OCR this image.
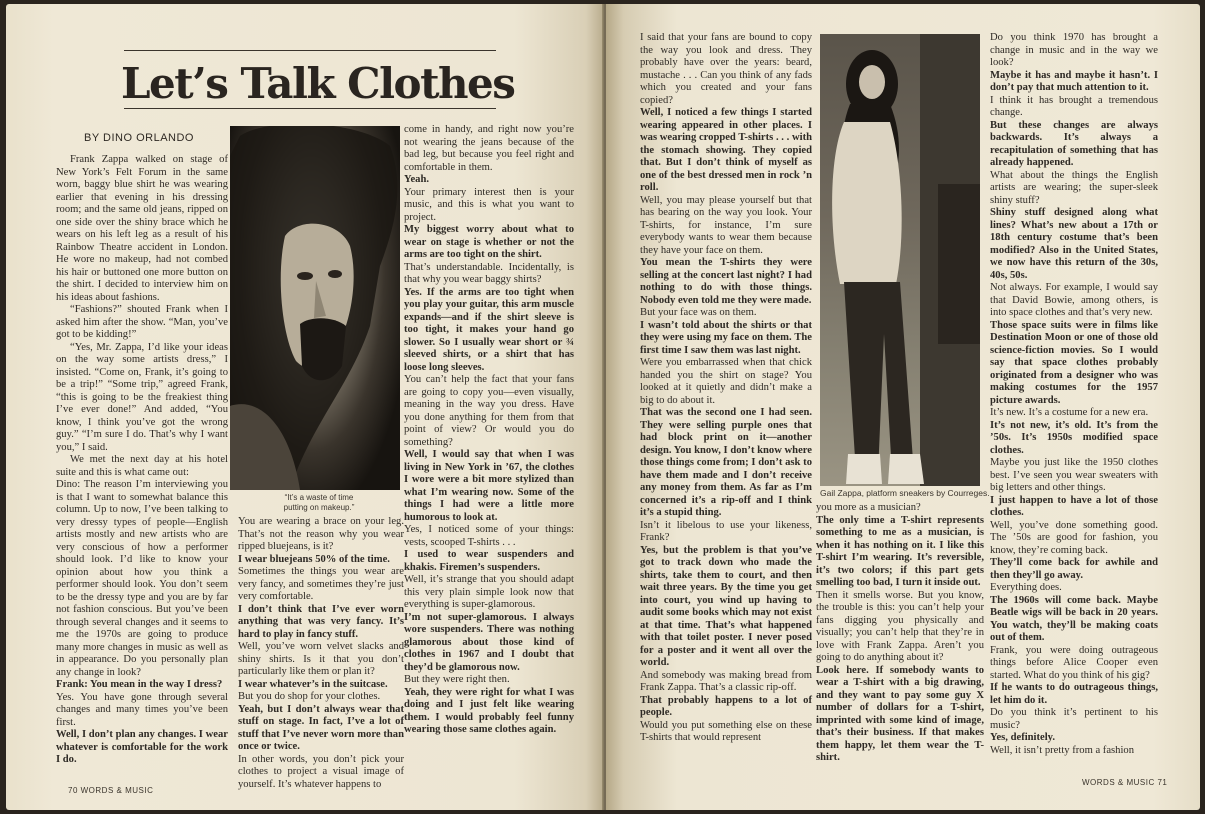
Let’s Talk Clothes
BY DINO ORLANDO

Frank Zappa walked on stage of New York’s Felt Forum in the same worn, baggy blue shirt he was wearing earlier that evening in his dressing room; and the same old jeans, ripped on one side over the shiny brace which he wears on his left leg as a result of his Rainbow Theatre accident in London. He wore no makeup, had not combed his hair or buttoned one more button on the shirt. I decided to interview him on his ideas about fashions.

“Fashions?” shouted Frank when I asked him after the show. “Man, you’ve got to be kidding!”

“Yes, Mr. Zappa, I’d like your ideas on the way some artists dress,” I insisted. “Come on, Frank, it’s going to be a trip!” “Some trip,” agreed Frank, “this is going to be the freakiest thing I’ve ever done!” And added, “You know, I think you’ve got the wrong guy.” “I’m sure I do. That’s why I want you,” I said.

We met the next day at his hotel suite and this is what came out:

Dino: The reason I’m interviewing you is that I want to somewhat balance this column. Up to now, I’ve been talking to very dressy types of people—English artists mostly and new artists who are very conscious of how a performer should look. I’d like to know your opinion about how you think a performer should look. You don’t seem to be the dressy type and you are by far not fashion conscious. But you’ve been through several changes and it seems to me the 1970s are going to produce many more changes in music as well as in appearance. Do you personally plan any change in look?

Frank: You mean in the way I dress?

Yes. You have gone through several changes and many times you’ve been first.

Well, I don’t plan any changes. I wear whatever is comfortable for the work I do.

“It’s a waste of time putting on makeup.”

You are wearing a brace on your leg. That’s not the reason why you wear ripped bluejeans, is it?

I wear bluejeans 50% of the time.

Sometimes the things you wear are very fancy, and sometimes they’re just very comfortable.

I don’t think that I’ve ever worn anything that was very fancy. It’s hard to play in fancy stuff.

Well, you’ve worn velvet slacks and shiny shirts. Is it that you don’t particularly like them or plan it?

I wear whatever’s in the suitcase.

But you do shop for your clothes.

Yeah, but I don’t always wear that stuff on stage. In fact, I’ve a lot of stuff that I’ve never worn more than once or twice.

In other words, you don’t pick your clothes to project a visual image of yourself. It’s whatever happens to

come in handy, and right now you’re not wearing the jeans because of the bad leg, but because you feel right and comfortable in them.

Yeah.

Your primary interest then is your music, and this is what you want to project.

My biggest worry about what to wear on stage is whether or not the arms are too tight on the shirt.

That’s understandable. Incidentally, is that why you wear baggy shirts?

Yes. If the arms are too tight when you play your guitar, this arm muscle expands—and if the shirt sleeve is too tight, it makes your hand go slower. So I usually wear short or ¾ sleeved shirts, or a shirt that has loose long sleeves.

You can’t help the fact that your fans are going to copy you—even visually, meaning in the way you dress. Have you done anything for them from that point of view? Or would you do something?

Well, I would say that when I was living in New York in ’67, the clothes I wore were a bit more stylized than what I’m wearing now. Some of the things I had were a little more humorous to look at.

Yes, I noticed some of your things: vests, scooped T-shirts . . .

I used to wear suspenders and khakis. Firemen’s suspenders.

Well, it’s strange that you should adapt this very plain simple look now that everything is super-glamorous.

I’m not super-glamorous. I always wore suspenders. There was nothing glamorous about those kind of clothes in 1967 and I doubt that they’d be glamorous now.

But they were right then.

Yeah, they were right for what I was doing and I just felt like wearing them. I would probably feel funny wearing those same clothes again.

70 WORDS & MUSIC

I said that your fans are bound to copy the way you look and dress. They probably have over the years: beard, mustache . . . Can you think of any fads which you created and your fans copied?

Well, I noticed a few things I started wearing appeared in other places. I was wearing cropped T-shirts . . . with the stomach showing. They copied that. But I don’t think of myself as one of the best dressed men in rock ’n roll.

Well, you may please yourself but that has bearing on the way you look. Your T-shirts, for instance, I’m sure everybody wants to wear them because they have your face on them.

You mean the T-shirts they were selling at the concert last night? I had nothing to do with those things. Nobody even told me they were made.

But your face was on them.

I wasn’t told about the shirts or that they were using my face on them. The first time I saw them was last night.

Were you embarrassed when that chick handed you the shirt on stage? You looked at it quietly and didn’t make a big to do about it.

That was the second one I had seen. They were selling purple ones that had block print on it—another design. You know, I don’t know where those things come from; I don’t ask to have them made and I don’t receive any money from them. As far as I’m concerned it’s a rip-off and I think it’s a stupid thing.

Isn’t it libelous to use your likeness, Frank?

Yes, but the problem is that you’ve got to track down who made the shirts, take them to court, and then wait three years. By the time you get into court, you wind up having to audit some books which may not exist at that time. That’s what happened with that toilet poster. I never posed for a poster and it went all over the world.

And somebody was making bread from Frank Zappa. That’s a classic rip-off.

That probably happens to a lot of people.

Would you put something else on these T-shirts that would represent

Gail Zappa, platform sneakers by Courreges.

you more as a musician?

The only time a T-shirt represents something to me as a musician, is when it has nothing on it. I like this T-shirt I’m wearing. It’s reversible, it’s two colors; if this part gets smelling too bad, I turn it inside out.

Then it smells worse. But you know, the trouble is this: you can’t help your fans digging you physically and visually; you can’t help that they’re in love with Frank Zappa. Aren’t you going to do anything about it?

Look here. If somebody wants to wear a T-shirt with a big drawing, and they want to pay some guy X number of dollars for a T-shirt, imprinted with some kind of image, that’s their business. If that makes them happy, let them wear the T-shirt.

Do you think 1970 has brought a change in music and in the way we look?

Maybe it has and maybe it hasn’t. I don’t pay that much attention to it.

I think it has brought a tremendous change.

But these changes are always backwards. It’s always a recapitulation of something that has already happened.

What about the things the English artists are wearing; the super-sleek shiny stuff?

Shiny stuff designed along what lines? What’s new about a 17th or 18th century costume that’s been modified? Also in the United States, we now have this return of the 30s, 40s, 50s.

Not always. For example, I would say that David Bowie, among others, is into space clothes and that’s very new.

Those space suits were in films like Destination Moon or one of those old science-fiction movies. So I would say that space clothes probably originated from a designer who was making costumes for the 1957 picture awards.

It’s new. It’s a costume for a new era.

It’s not new, it’s old. It’s from the ’50s. It’s 1950s modified space clothes.

Maybe you just like the 1950 clothes best. I’ve seen you wear sweaters with big letters and other things.

I just happen to have a lot of those clothes.

Well, you’ve done something good. The ’50s are good for fashion, you know, they’re coming back.

They’ll come back for awhile and then they’ll go away.

Everything does.

The 1960s will come back. Maybe Beatle wigs will be back in 20 years. You watch, they’ll be making coats out of them.

Frank, you were doing outrageous things before Alice Cooper even started. What do you think of his gig?

If he wants to do outrageous things, let him do it.

Do you think it’s pertinent to his music?

Yes, definitely.

Well, it isn’t pretty from a fashion

WORDS & MUSIC 71
